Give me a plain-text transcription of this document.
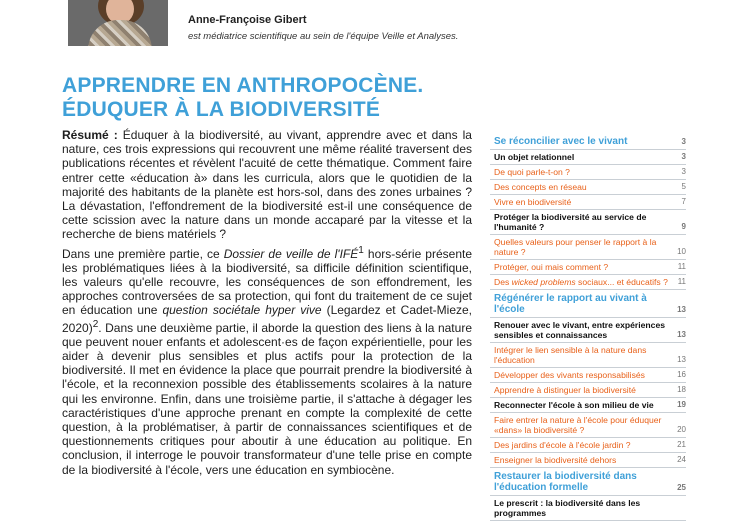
Anne-Françoise Gibert
est médiatrice scientifique au sein de l'équipe Veille et Analyses.
APPRENDRE EN ANTHROPOCÈNE.
ÉDUQUER À LA BIODIVERSITÉ

Résumé : Éduquer à la biodiversité, au vivant, apprendre avec et dans la nature, ces trois expressions qui recouvrent une même réalité traversent des publications récentes et révèlent l'acuité de cette thématique. Comment faire entrer cette «éducation à» dans les curricula, alors que le quotidien de la majorité des habitants de la planète est hors-sol, dans des zones urbaines ? La dévastation, l'effondrement de la biodiversité est-il une conséquence de cette scission avec la nature dans un monde accaparé par la vitesse et la recherche de biens matériels ?

Dans une première partie, ce Dossier de veille de l'IFÉ$^1$ hors-série présente les problématiques liées à la biodiversité, sa difficile définition scientifique, les valeurs qu'elle recouvre, les conséquences de son effondrement, les approches controversées de sa protection, qui font du traitement de ce sujet en éducation une question sociétale hyper vive (Legardez et Cadet-Mieze, 2020)$^2$. Dans une deuxième partie, il aborde la question des liens à la nature que peuvent nouer enfants et adolescent·es de façon expérientielle, pour les aider à devenir plus sensibles et plus actifs pour la protection de la biodiversité. Il met en évidence la place que pourrait prendre la biodiversité à l'école, et la reconnexion possible des établissements scolaires à la nature qui les environne. Enfin, dans une troisième partie, il s'attache à dégager les caractéristiques d'une approche prenant en compte la complexité de cette question, à la problématiser, à partir de connaissances scientifiques et de questionnements critiques pour aboutir à une éducation au politique. En conclusion, il interroge le pouvoir transformateur d'une telle prise en compte de la biodiversité à l'école, vers une éducation en symbiocène.

Se réconcilier avec le vivant	3
Un objet relationnel	3
De quoi parle-t-on ?	3
Des concepts en réseau	5
Vivre en biodiversité	7
Protéger la biodiversité au service de l'humanité ?	9
Quelles valeurs pour penser le rapport à la nature ?	10
Protéger, oui mais comment ?	11
Des wicked problems sociaux... et éducatifs ? 11
Régénérer le rapport au vivant à l'école	13
Renouer avec le vivant, entre expériences sensibles et connaissances	13
Intégrer le lien sensible à la nature dans l'éducation	13
Développer des vivants responsabilisés	16
Apprendre à distinguer la biodiversité	18
Reconnecter l'école à son milieu de vie	19
Faire entrer la nature à l'école pour éduquer «dans» la biodiversité ?	20
Des jardins d'école à l'école jardin ?	21
Enseigner la biodiversité dehors	24
Restaurer la biodiversité dans l'éducation formelle	25
Le prescrit : la biodiversité dans les programmes
